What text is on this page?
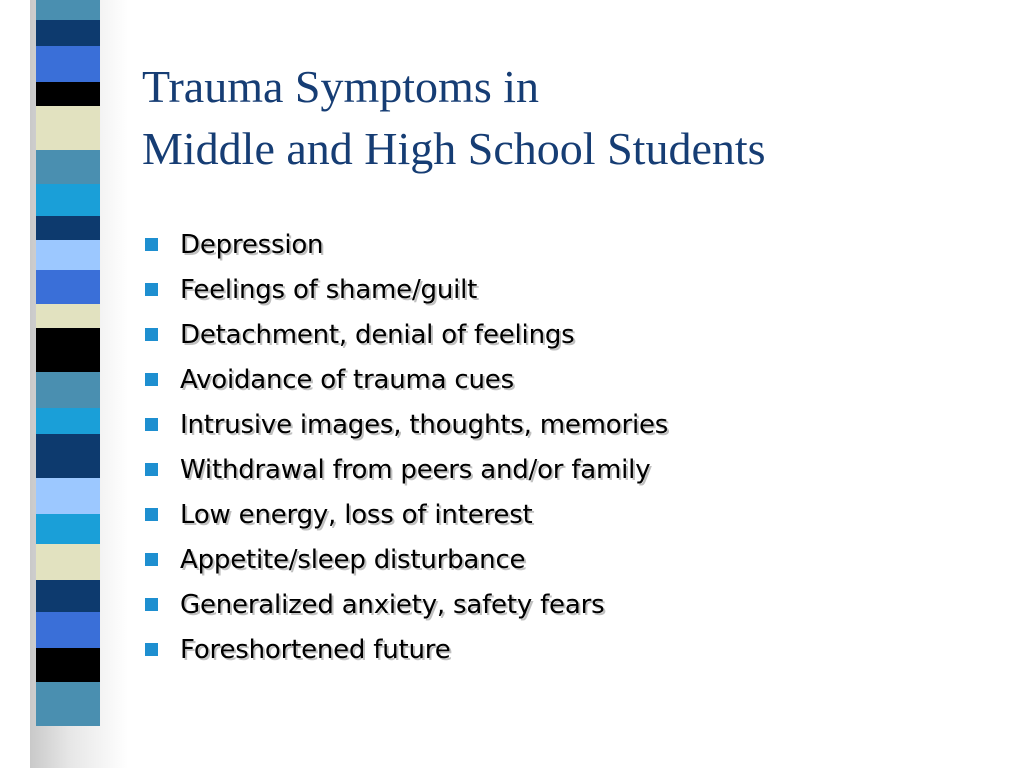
Trauma Symptoms in
Middle and High School Students
Depression
Feelings of shame/guilt
Detachment, denial of feelings
Avoidance of trauma cues
Intrusive images, thoughts, memories
Withdrawal from peers and/or family
Low energy, loss of interest
Appetite/sleep disturbance
Generalized anxiety, safety fears
Foreshortened future
